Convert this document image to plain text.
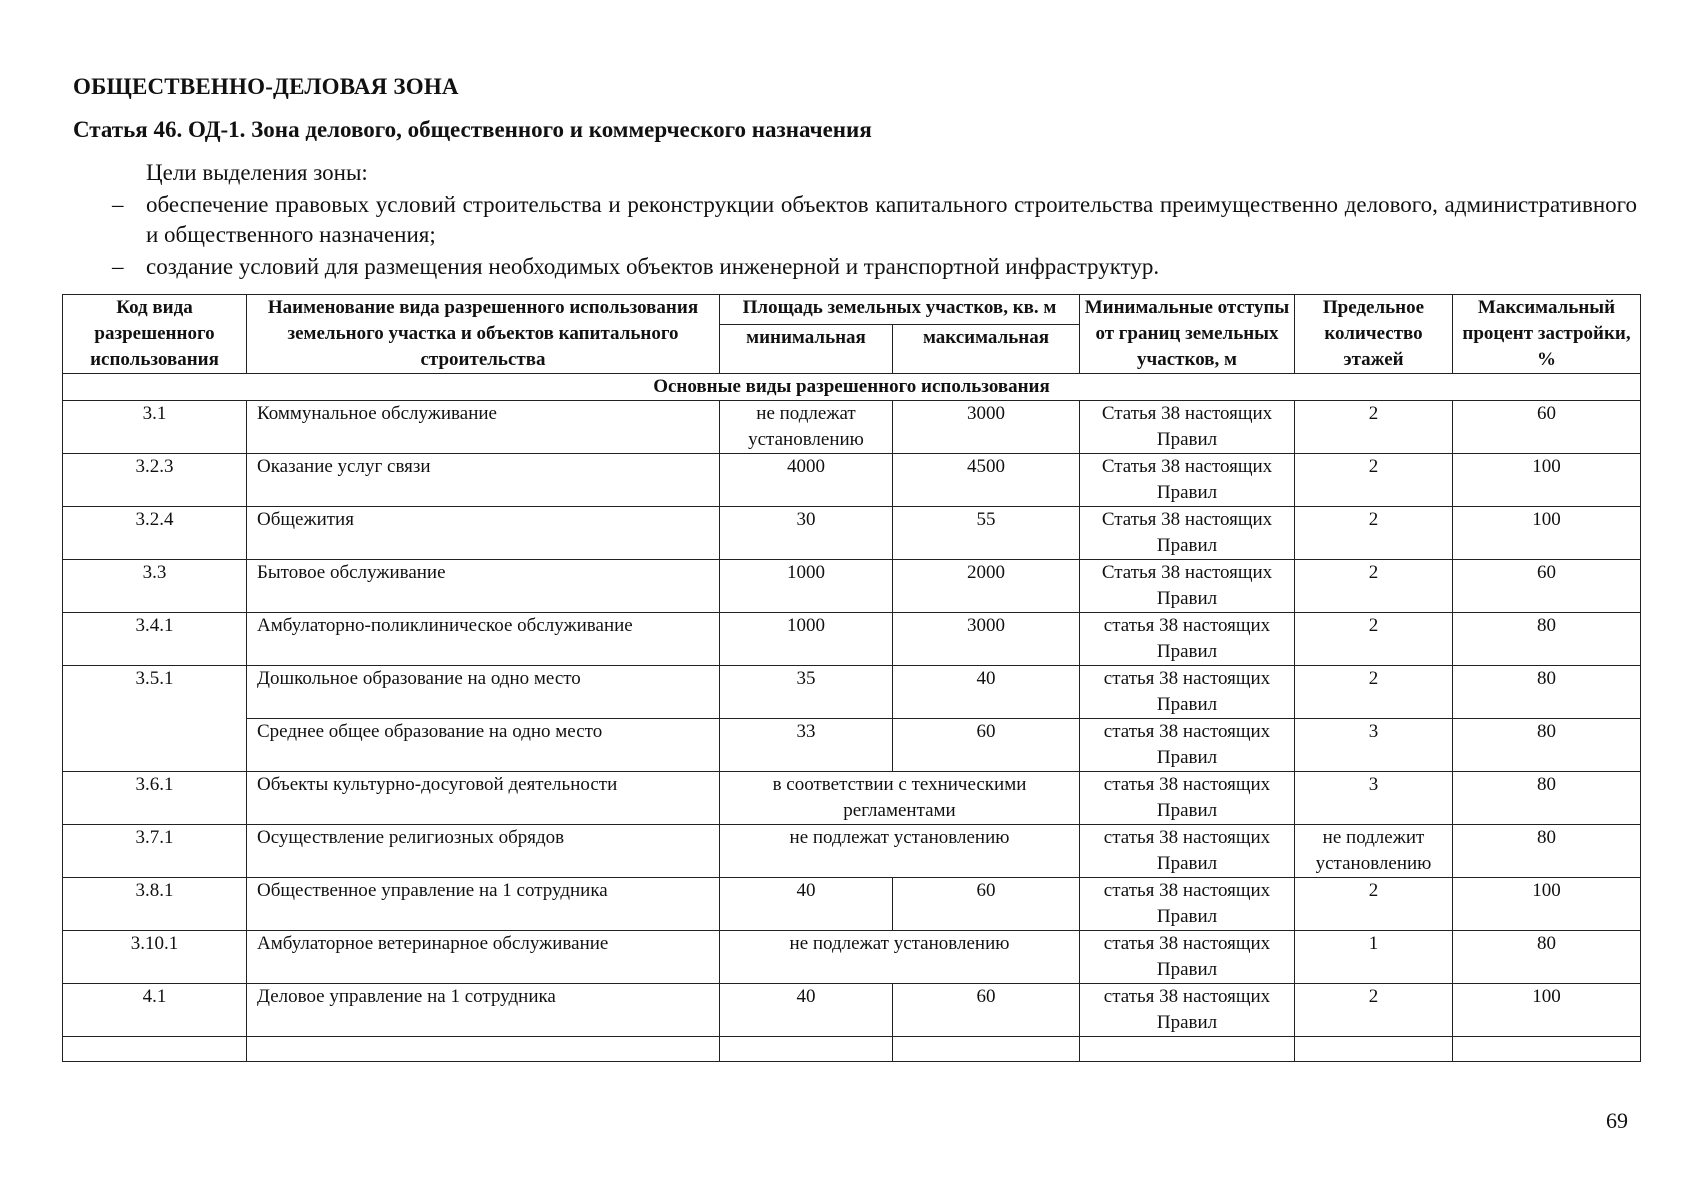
ОБЩЕСТВЕННО-ДЕЛОВАЯ ЗОНА
Статья 46. ОД-1. Зона делового, общественного и коммерческого назначения
Цели выделения зоны:
– обеспечение правовых условий строительства и реконструкции объектов капитального строительства преимущественно делового, административного и общественного назначения;
– создание условий для размещения необходимых объектов инженерной и транспортной инфраструктур.
Код вида разрешенного использования	Наименование вида разрешенного использования земельного участка и объектов капитального строительства	Площадь земельных участков, кв. м		Минимальные отступы от границ земельных участков, м	Предельное количество этажей	Максимальный процент застройки, %
		минимальная	максимальная			
Основные виды разрешенного использования						
3.1	Коммунальное обслуживание	не подлежат установлению	3000	Статья 38 настоящих Правил	2	60
3.2.3	Оказание услуг связи	4000	4500	Статья 38 настоящих Правил	2	100
3.2.4	Общежития	30	55	Статья 38 настоящих Правил	2	100
3.3	Бытовое обслуживание	1000	2000	Статья 38 настоящих Правил	2	60
3.4.1	Амбулаторно-поликлиническое обслуживание	1000	3000	статья 38 настоящих Правил	2	80
3.5.1	Дошкольное образование на одно место	35	40	статья 38 настоящих Правил	2	80
	Среднее общее образование на одно место	33	60	статья 38 настоящих Правил	3	80
3.6.1	Объекты культурно-досуговой деятельности	в соответствии с техническими регламентами		статья 38 настоящих Правил	3	80
3.7.1	Осуществление религиозных обрядов	не подлежат установлению		статья 38 настоящих Правил	не подлежит установлению	80
3.8.1	Общественное управление на 1 сотрудника	40	60	статья 38 настоящих Правил	2	100
3.10.1	Амбулаторное ветеринарное обслуживание	не подлежат установлению		статья 38 настоящих Правил	1	80
4.1	Деловое управление на 1 сотрудника	40	60	статья 38 настоящих Правил	2	100

69
